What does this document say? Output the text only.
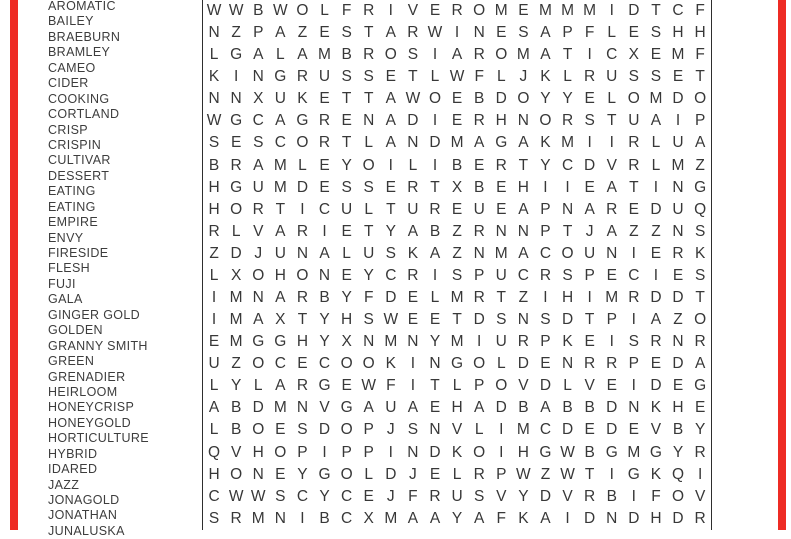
AROMATIC
BAILEY
BRAEBURN
BRAMLEY
CAMEO
CIDER
COOKING
CORTLAND
CRISP
CRISPIN
CULTIVAR
DESSERT
EATING
EATING
EMPIRE
ENVY
FIRESIDE
FLESH
FUJI
GALA
GINGER GOLD
GOLDEN
GRANNY SMITH
GREEN
GRENADIER
HEIRLOOM
HONEYCRISP
HONEYGOLD
HORTICULTURE
HYBRID
IDARED
JAZZ
JONAGOLD
JONATHAN
JUNALUSKA
W W B W O L F R I V E R O M E M M M I D T C F
N Z P A Z E S T A R W I N E S A P F L E S H H
L G A L A M B R O S I A R O M A T I C X E M F
K I N G R U S S E T L W F L J K L R U S S E T
N N X U K E T T A W O E B D O Y Y E L O M D O
W G C A G R E N A D I E R H N O R S T U A I P
S E S C O R T L A N D M A G A K M I	I R L U A
B R A M L E Y O I	L	I B E R T Y C D V R L M Z
H G U M D E S S E R T X B E H I	I E A T I N G
H O R T I C U L T U R E U E A P N A R E D U Q
R L V A R I E T Y A B Z R N N P T J A Z Z N S
Z D J U N A L U S K A Z N M A C O U N I E R K
L X O H O N E Y C R I S P U C R S P E C I E S
I M N A R B Y F D E L M R T Z I H I M R D D T
I M A X T Y H S W E E T D S N S D T P I A Z O
E M G G H Y X N M N Y M I U R P K E I S R N R
U Z O C E C O O K I N G O L D E N R R P E D A
L Y L A R G E W F I T L P O V D L V E I D E G
A B D M N V G A U A E H A D B A B B D N K H E
L B O E S D O P J S N V L	I M C D E D E V B Y
Q V H O P I P P I N D K O I H G W B G M G Y R
H O N E Y G O L D J E L R P W Z W T I G K Q I
C W W S C Y C E J F R U S V Y D V R B I F O V
S R M N I B C X M A A Y A F K A I D N D H D R
